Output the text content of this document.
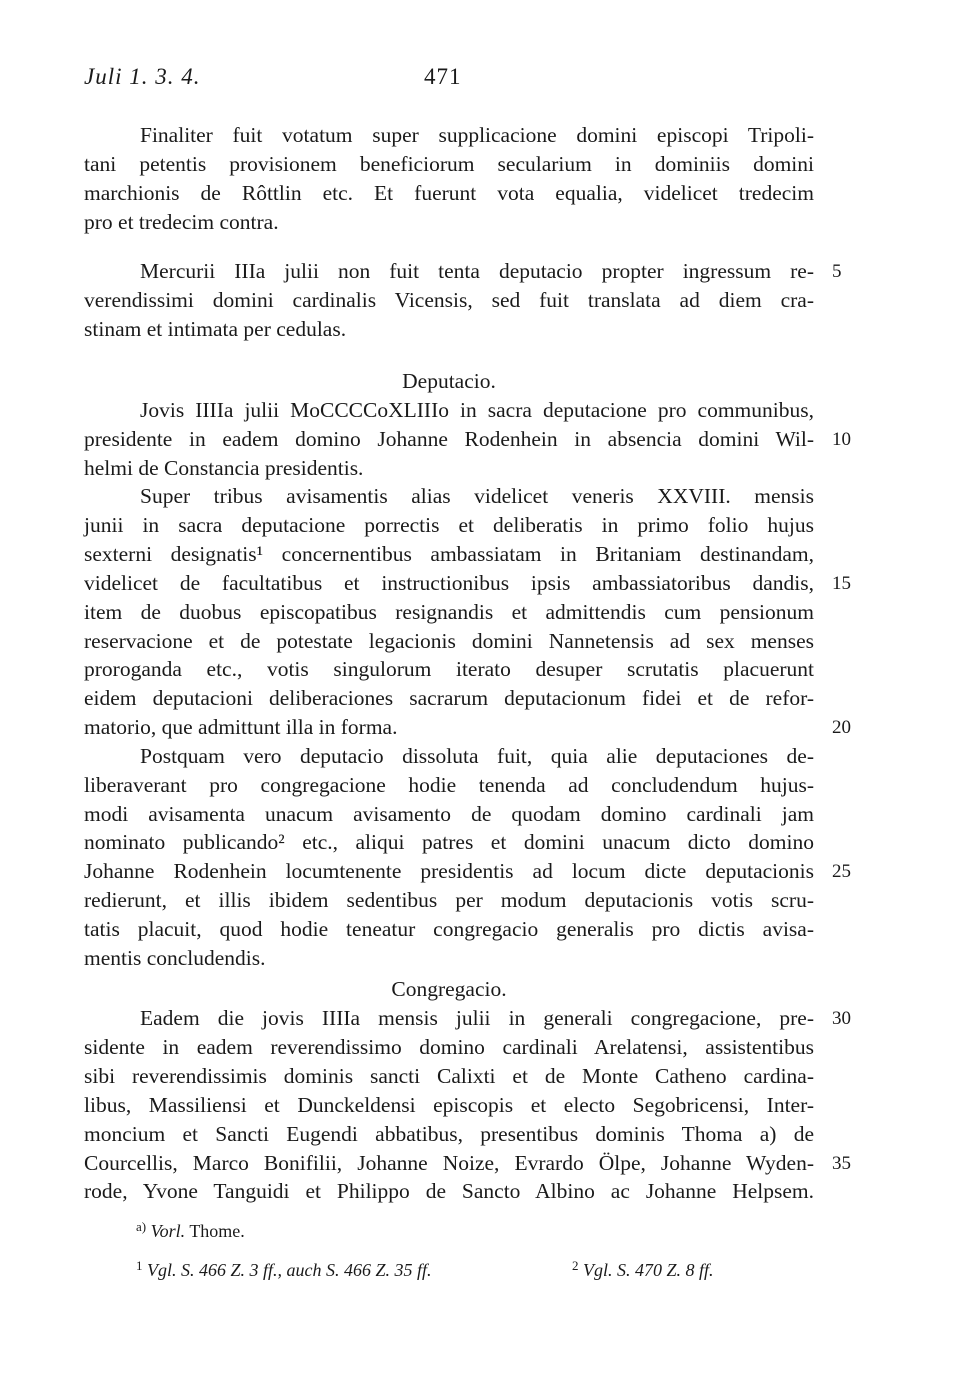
Juli 1. 3. 4.	471
Finaliter fuit votatum super supplicacione domini episcopi Tripoli-
tani petentis provisionem beneficiorum secularium in dominiis domini
marchionis de Rôttlin etc. Et fuerunt vota equalia, videlicet tredecim
pro et tredecim contra.
Mercurii IIIa julii non fuit tenta deputacio propter ingressum re- 5
verendissimi domini cardinalis Vicensis, sed fuit translata ad diem cra-
stinam et intimata per cedulas.
Deputacio.
Jovis IIIIa julii MoCCCCoXLIIIo in sacra deputacione pro communibus,
presidente in eadem domino Johanne Rodenhein in absencia domini Wil- 10
helmi de Constancia presidentis.
Super tribus avisamentis alias videlicet veneris XXVIII. mensis
junii in sacra deputacione porrectis et deliberatis in primo folio hujus
sexterni designatis¹ concernentibus ambassiatam in Britaniam destinandam,
videlicet de facultatibus et instructionibus ipsis ambassiatoribus dandis, 15
item de duobus episcopatibus resignandis et admittendis cum pensionum
reservacione et de potestate legacionis domini Nannetensis ad sex menses
proroganda etc., votis singulorum iterato desuper scrutatis placuerunt
eidem deputacioni deliberaciones sacrarum deputacionum fidei et de refor-
matorio, que admittunt illa in forma.	20
Postquam vero deputacio dissoluta fuit, quia alie deputaciones de-
liberaverant pro congregacione hodie tenenda ad concludendum hujus-
modi avisamenta unacum avisamento de quodam domino cardinali jam
nominato publicando² etc., aliqui patres et domini unacum dicto domino
Johanne Rodenhein locumtenente presidentis ad locum dicte deputacionis 25
redierunt, et illis ibidem sedentibus per modum deputacionis votis scru-
tatis placuit, quod hodie teneatur congregacio generalis pro dictis avisa-
mentis concludendis.
Congregacio.
Eadem die jovis IIIIa mensis julii in generali congregacione, pre- 30
sidente in eadem reverendissimo domino cardinali Arelatensi, assistentibus
sibi reverendissimis dominis sancti Calixti et de Monte Catheno cardina-
libus, Massiliensi et Dunckeldensi episcopis et electo Segobricensi, Inter-
moncium et Sancti Eugendi abbatibus, presentibus dominis Thoma a) de
Courcellis, Marco Bonifilii, Johanne Noize, Evrardo Ölpe, Johanne Wyden- 35
rode, Yvone Tanguidi et Philippo de Sancto Albino ac Johanne Helpsem.
$^{a)}$ Vorl. Thome.
$^1$ Vgl. S. 466 Z. 3 ff., auch S. 466 Z. 35 ff.	$^2$ Vgl. S. 470 Z. 8 ff.
